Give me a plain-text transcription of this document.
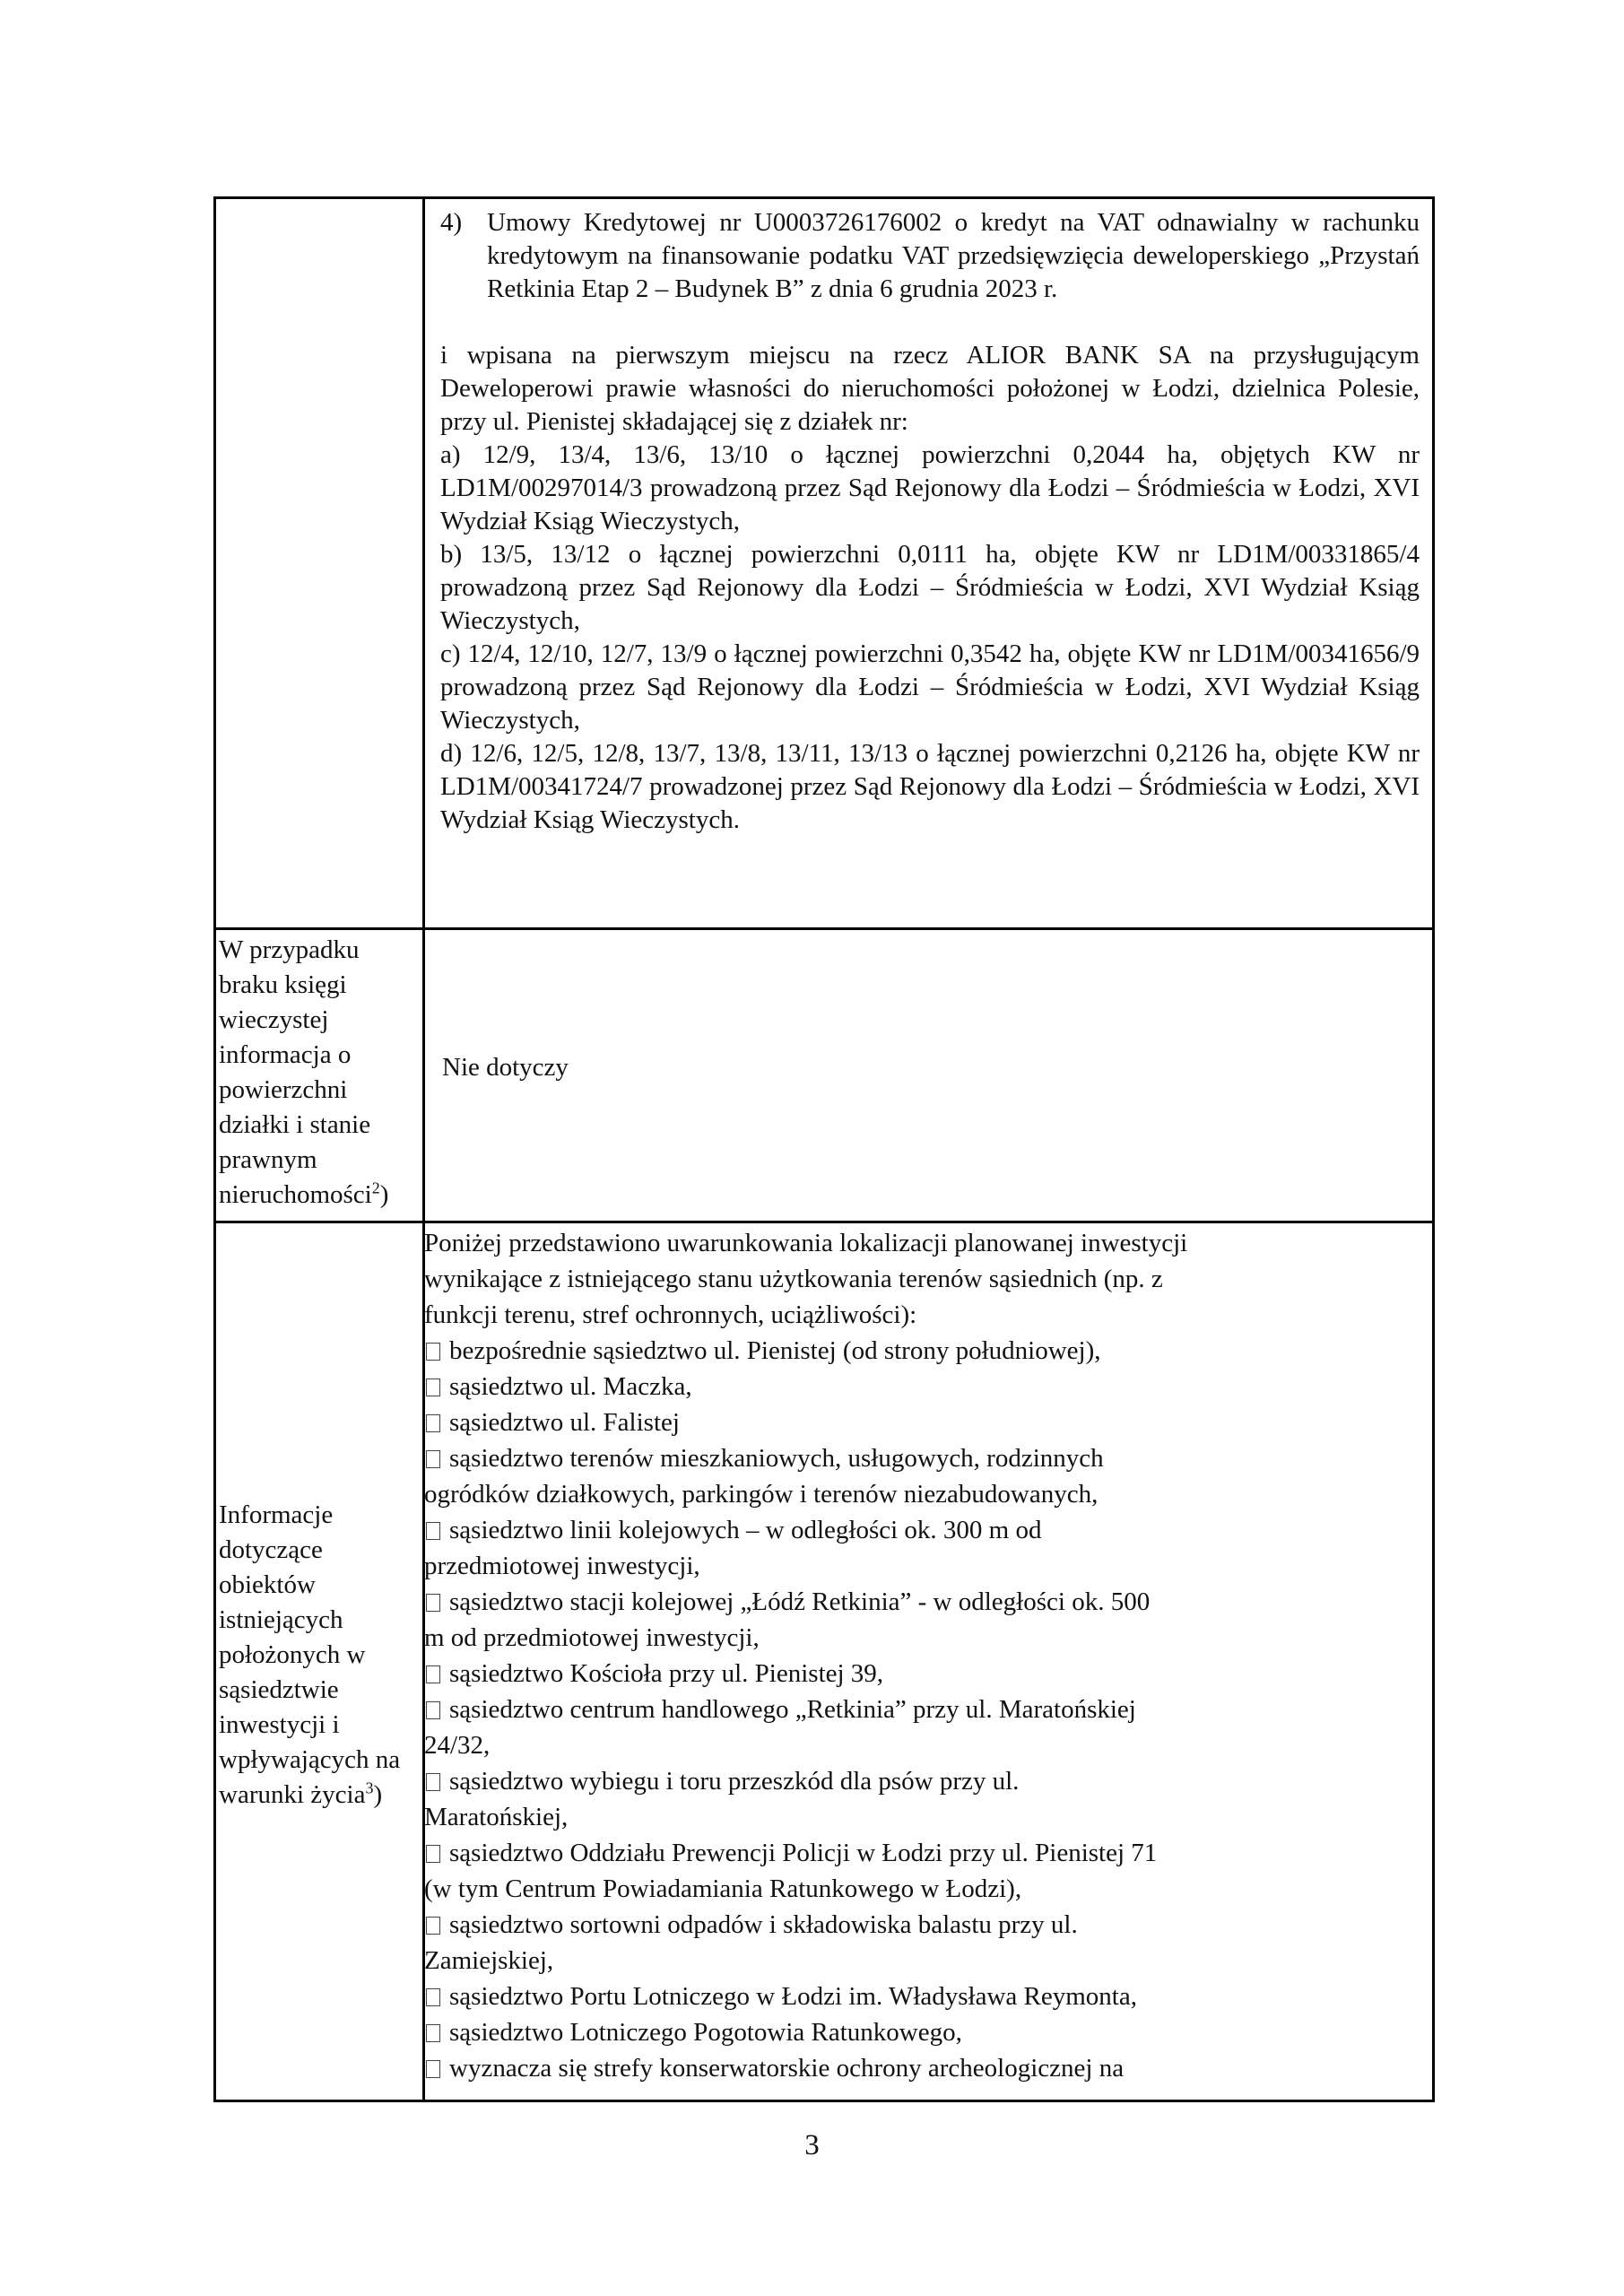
4) Umowy Kredytowej nr U0003726176002 o kredyt na VAT odnawialny w rachunku kredytowym na finansowanie podatku VAT przedsięwzięcia deweloperskiego „Przystań Retkinia Etap 2 – Budynek B” z dnia 6 grudnia 2023 r.
i wpisana na pierwszym miejscu na rzecz ALIOR BANK SA na przysługującym Deweloperowi prawie własności do nieruchomości położonej w Łodzi, dzielnica Polesie, przy ul. Pienistej składającej się z działek nr:
a) 12/9, 13/4, 13/6, 13/10 o łącznej powierzchni 0,2044 ha, objętych KW nr LD1M/00297014/3 prowadzoną przez Sąd Rejonowy dla Łodzi – Śródmieścia w Łodzi, XVI Wydział Ksiąg Wieczystych,
b) 13/5, 13/12 o łącznej powierzchni 0,0111 ha, objęte KW nr LD1M/00331865/4 prowadzoną przez Sąd Rejonowy dla Łodzi – Śródmieścia w Łodzi, XVI Wydział Ksiąg Wieczystych,
c) 12/4, 12/10, 12/7, 13/9 o łącznej powierzchni 0,3542 ha, objęte KW nr LD1M/00341656/9 prowadzoną przez Sąd Rejonowy dla Łodzi – Śródmieścia w Łodzi, XVI Wydział Ksiąg Wieczystych,
d) 12/6, 12/5, 12/8, 13/7, 13/8, 13/11, 13/13 o łącznej powierzchni 0,2126 ha, objęte KW nr LD1M/00341724/7 prowadzonej przez Sąd Rejonowy dla Łodzi – Śródmieścia w Łodzi, XVI Wydział Ksiąg Wieczystych.
W przypadku
braku księgi
wieczystej
informacja o
powierzchni
działki i stanie
prawnym
nieruchomości$^2$)
Nie dotyczy
Informacje
dotyczące
obiektów
istniejących
położonych w
sąsiedztwie
inwestycji i
wpływających na
warunki życia$^3$)
Poniżej przedstawiono uwarunkowania lokalizacji planowanej inwestycji
wynikające z istniejącego stanu użytkowania terenów sąsiednich (np. z
funkcji terenu, stref ochronnych, uciążliwości):
bezpośrednie sąsiedztwo ul. Pienistej (od strony południowej),
sąsiedztwo ul. Maczka,
sąsiedztwo ul. Falistej
sąsiedztwo terenów mieszkaniowych, usługowych, rodzinnych
ogródków działkowych, parkingów i terenów niezabudowanych,
sąsiedztwo linii kolejowych – w odległości ok. 300 m od
przedmiotowej inwestycji,
sąsiedztwo stacji kolejowej „Łódź Retkinia” - w odległości ok. 500
m od przedmiotowej inwestycji,
sąsiedztwo Kościoła przy ul. Pienistej 39,
sąsiedztwo centrum handlowego „Retkinia” przy ul. Maratońskiej
24/32,
sąsiedztwo wybiegu i toru przeszkód dla psów przy ul.
Maratońskiej,
sąsiedztwo Oddziału Prewencji Policji w Łodzi przy ul. Pienistej 71
(w tym Centrum Powiadamiania Ratunkowego w Łodzi),
sąsiedztwo sortowni odpadów i składowiska balastu przy ul.
Zamiejskiej,
sąsiedztwo Portu Lotniczego w Łodzi im. Władysława Reymonta,
sąsiedztwo Lotniczego Pogotowia Ratunkowego,
wyznacza się strefy konserwatorskie ochrony archeologicznej na
3
